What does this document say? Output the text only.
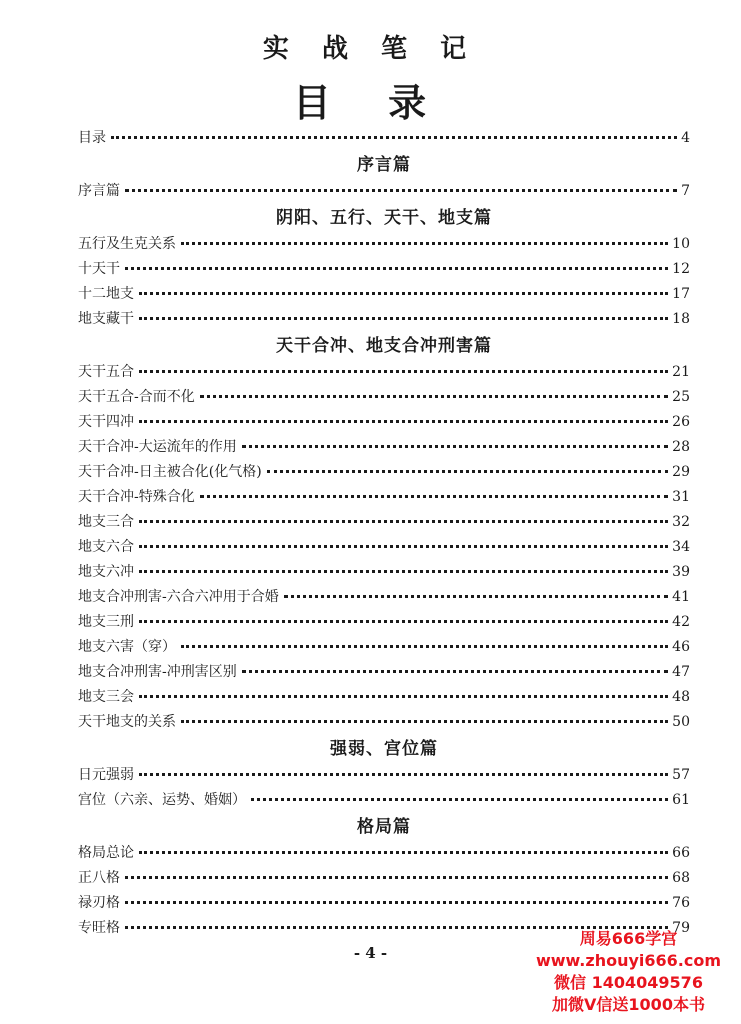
实 战 笔 记
目 录
目录	4
序言篇
序言篇	7
阴阳、五行、天干、地支篇
五行及生克关系	10
十天干	12
十二地支	17
地支藏干	18
天干合冲、地支合冲刑害篇
天干五合	21
天干五合-合而不化	25
天干四冲	26
天干合冲-大运流年的作用	28
天干合冲-日主被合化(化气格)	29
天干合冲-特殊合化	31
地支三合	32
地支六合	34
地支六冲	39
地支合冲刑害-六合六冲用于合婚	41
地支三刑	42
地支六害（穿）	46
地支合冲刑害-冲刑害区别	47
地支三会	48
天干地支的关系	50
强弱、宫位篇
日元强弱	57
宫位（六亲、运势、婚姻）	61
格局篇
格局总论	66
正八格	68
禄刃格	76
专旺格	79
- 4 -
周易666学宫
www.zhouyi666.com
微信 1404049576
加微V信送1000本书
